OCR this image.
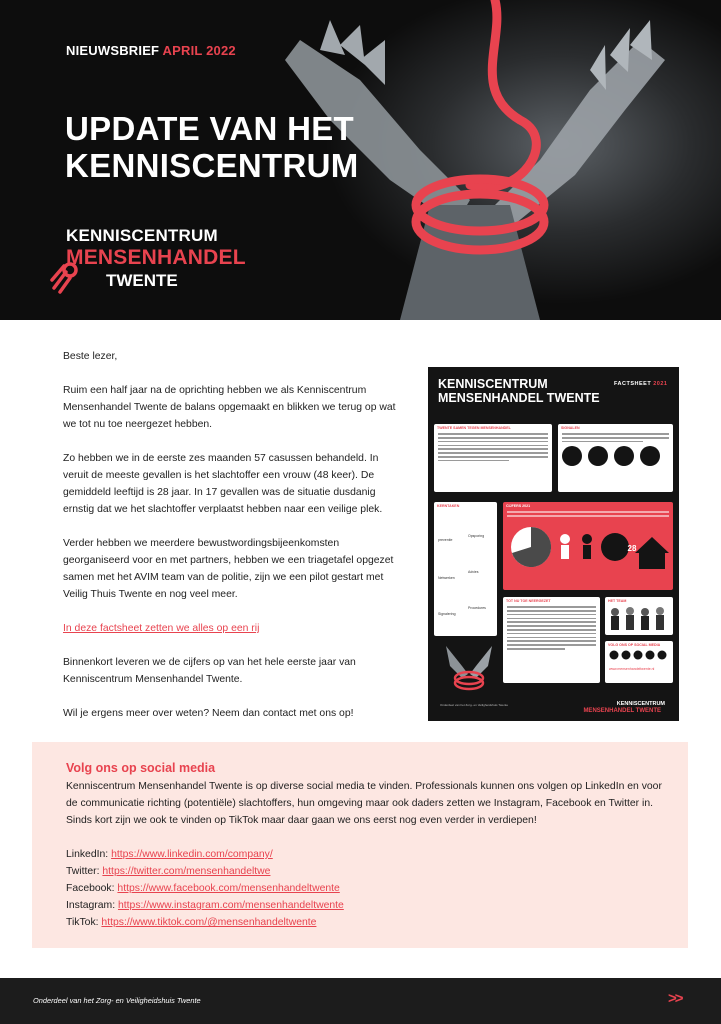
NIEUWSBRIEF APRIL 2022
UPDATE VAN HET KENNISCENTRUM
KENNISCENTRUM
MENSENHANDEL
TWENTE

Beste lezer,

Ruim een half jaar na de oprichting hebben we als Kenniscentrum Mensenhandel Twente de balans opgemaakt en blikken we terug op wat we tot nu toe neergezet hebben.

Zo hebben we in de eerste zes maanden 57 casussen behandeld. In veruit de meeste gevallen is het slachtoffer een vrouw (48 keer). De gemiddeld leeftijd is 28 jaar. In 17 gevallen was de situatie dusdanig ernstig dat we het slachtoffer verplaatst hebben naar een veilige plek.

Verder hebben we meerdere bewustwordingsbijeenkomsten georganiseerd voor en met partners, hebben we een triagetafel opgezet samen met het AVIM team van de politie, zijn we een pilot gestart met Veilig Thuis Twente en nog veel meer.

In deze factsheet zetten we alles op een rij

Binnenkort leveren we de cijfers op van het hele eerste jaar van Kenniscentrum Mensenhandel Twente.

Wil je ergens meer over weten? Neem dan contact met ons op!

KENNISCENTRUM MENSENHANDEL TWENTE
FACTSHEET 2021
TWENTE SAMEN TEGEN MENSENHANDEL	SIGNALEN
KERNTAKEN
preventie
Opsporing
Netwerken
Advies
Signalering
Procedures
CIJFERS 2021
28
TOT NU TOE NEERGEZET	HET TEAM
VOLG ONS OP SOCIAL MEDIA
www.mensenhandeltwente.nl
Onderdeel van het Zorg- en Veiligheidshuis Twente	KENNISCENTRUM
MENSENHANDEL TWENTE
Volg ons op social media

Kenniscentrum Mensenhandel Twente is op diverse social media te vinden. Professionals kunnen ons volgen op LinkedIn en voor de communicatie richting (potentiële) slachtoffers, hun omgeving maar ook daders zetten we Instagram, Facebook en Twitter in. Sinds kort zijn we ook te vinden op TikTok maar daar gaan we ons eerst nog even verder in verdiepen!

LinkedIn: https://www.linkedin.com/company/
Twitter: https://twitter.com/mensenhandeltwe
Facebook: https://www.facebook.com/mensenhandeltwente
Instagram: https://www.instagram.com/mensenhandeltwente
TikTok: https://www.tiktok.com/@mensenhandeltwente
Onderdeel van het Zorg- en Veiligheidshuis Twente	>>
